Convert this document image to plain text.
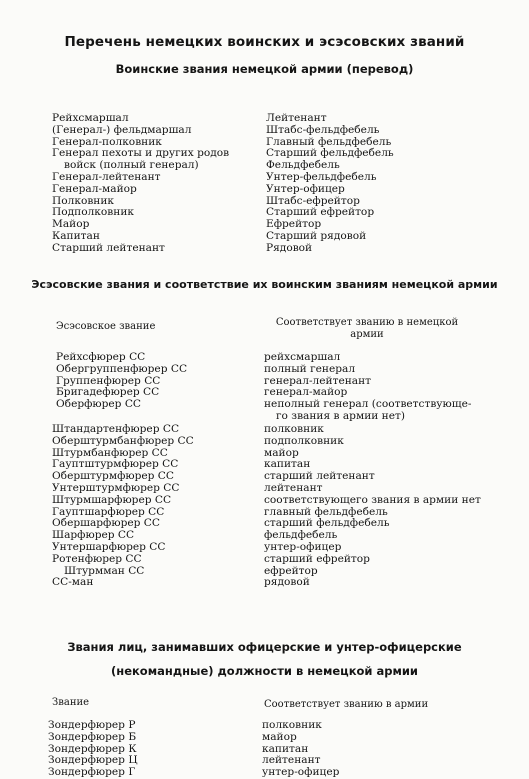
Перечень немецких воинских и эсэсовских званий
Воинские звания немецкой армии (перевод)
Рейхсмаршал
(Генерал-) фельдмаршал
Генерал-полковник
Генерал пехоты и других родов
войск (полный генерал)
Генерал-лейтенант
Генерал-майор
Полковник
Подполковник
Майор
Капитан
Старший лейтенант
Лейтенант
Штабс-фельдфебель
Главный фельдфебель
Старший фельдфебель
Фельдфебель
Унтер-фельдфебель
Унтер-офицер
Штабс-ефрейтор
Старший ефрейтор
Ефрейтор
Старший рядовой
Рядовой
Эсэсовские звания и соответствие их воинским званиям немецкой армии
Эсэсовское звание	Соответствует званию в немецкой
армии
Рейхсфюрер СС
Обергруппенфюрер СС
Группенфюрер СС
Бригадефюрер СС
Оберфюрер СС
рейхсмаршал
полный генерал
генерал-лейтенант
генерал-майор
неполный генерал (соответствующе-
го звания в армии нет)
Штандартенфюрер СС
Оберштурмбанфюрер СС
Штурмбанфюрер СС
Гауптштурмфюрер СС
Оберштурмфюрер СС
Унтерштурмфюрер СС
Штурмшарфюрер СС
Гауптшарфюрер СС
Обершарфюрер СС
Шарфюрер СС
Унтершарфюрер СС
Ротенфюрер СС
Штурмман СС
СС-ман
полковник
подполковник
майор
капитан
старший лейтенант
лейтенант
соответствующего звания в армии нет
главный фельдфебель
старший фельдфебель
фельдфебель
унтер-офицер
старший ефрейтор
ефрейтор
рядовой
Звания лиц, занимавших офицерские и унтер-офицерские
(некомандные) должности в немецкой армии
Звание	Соответствует званию в армии
Зондерфюрер Р
Зондерфюрер Б
Зондерфюрер К
Зондерфюрер Ц
Зондерфюрер Г
полковник
майор
капитан
лейтенант
унтер-офицер
